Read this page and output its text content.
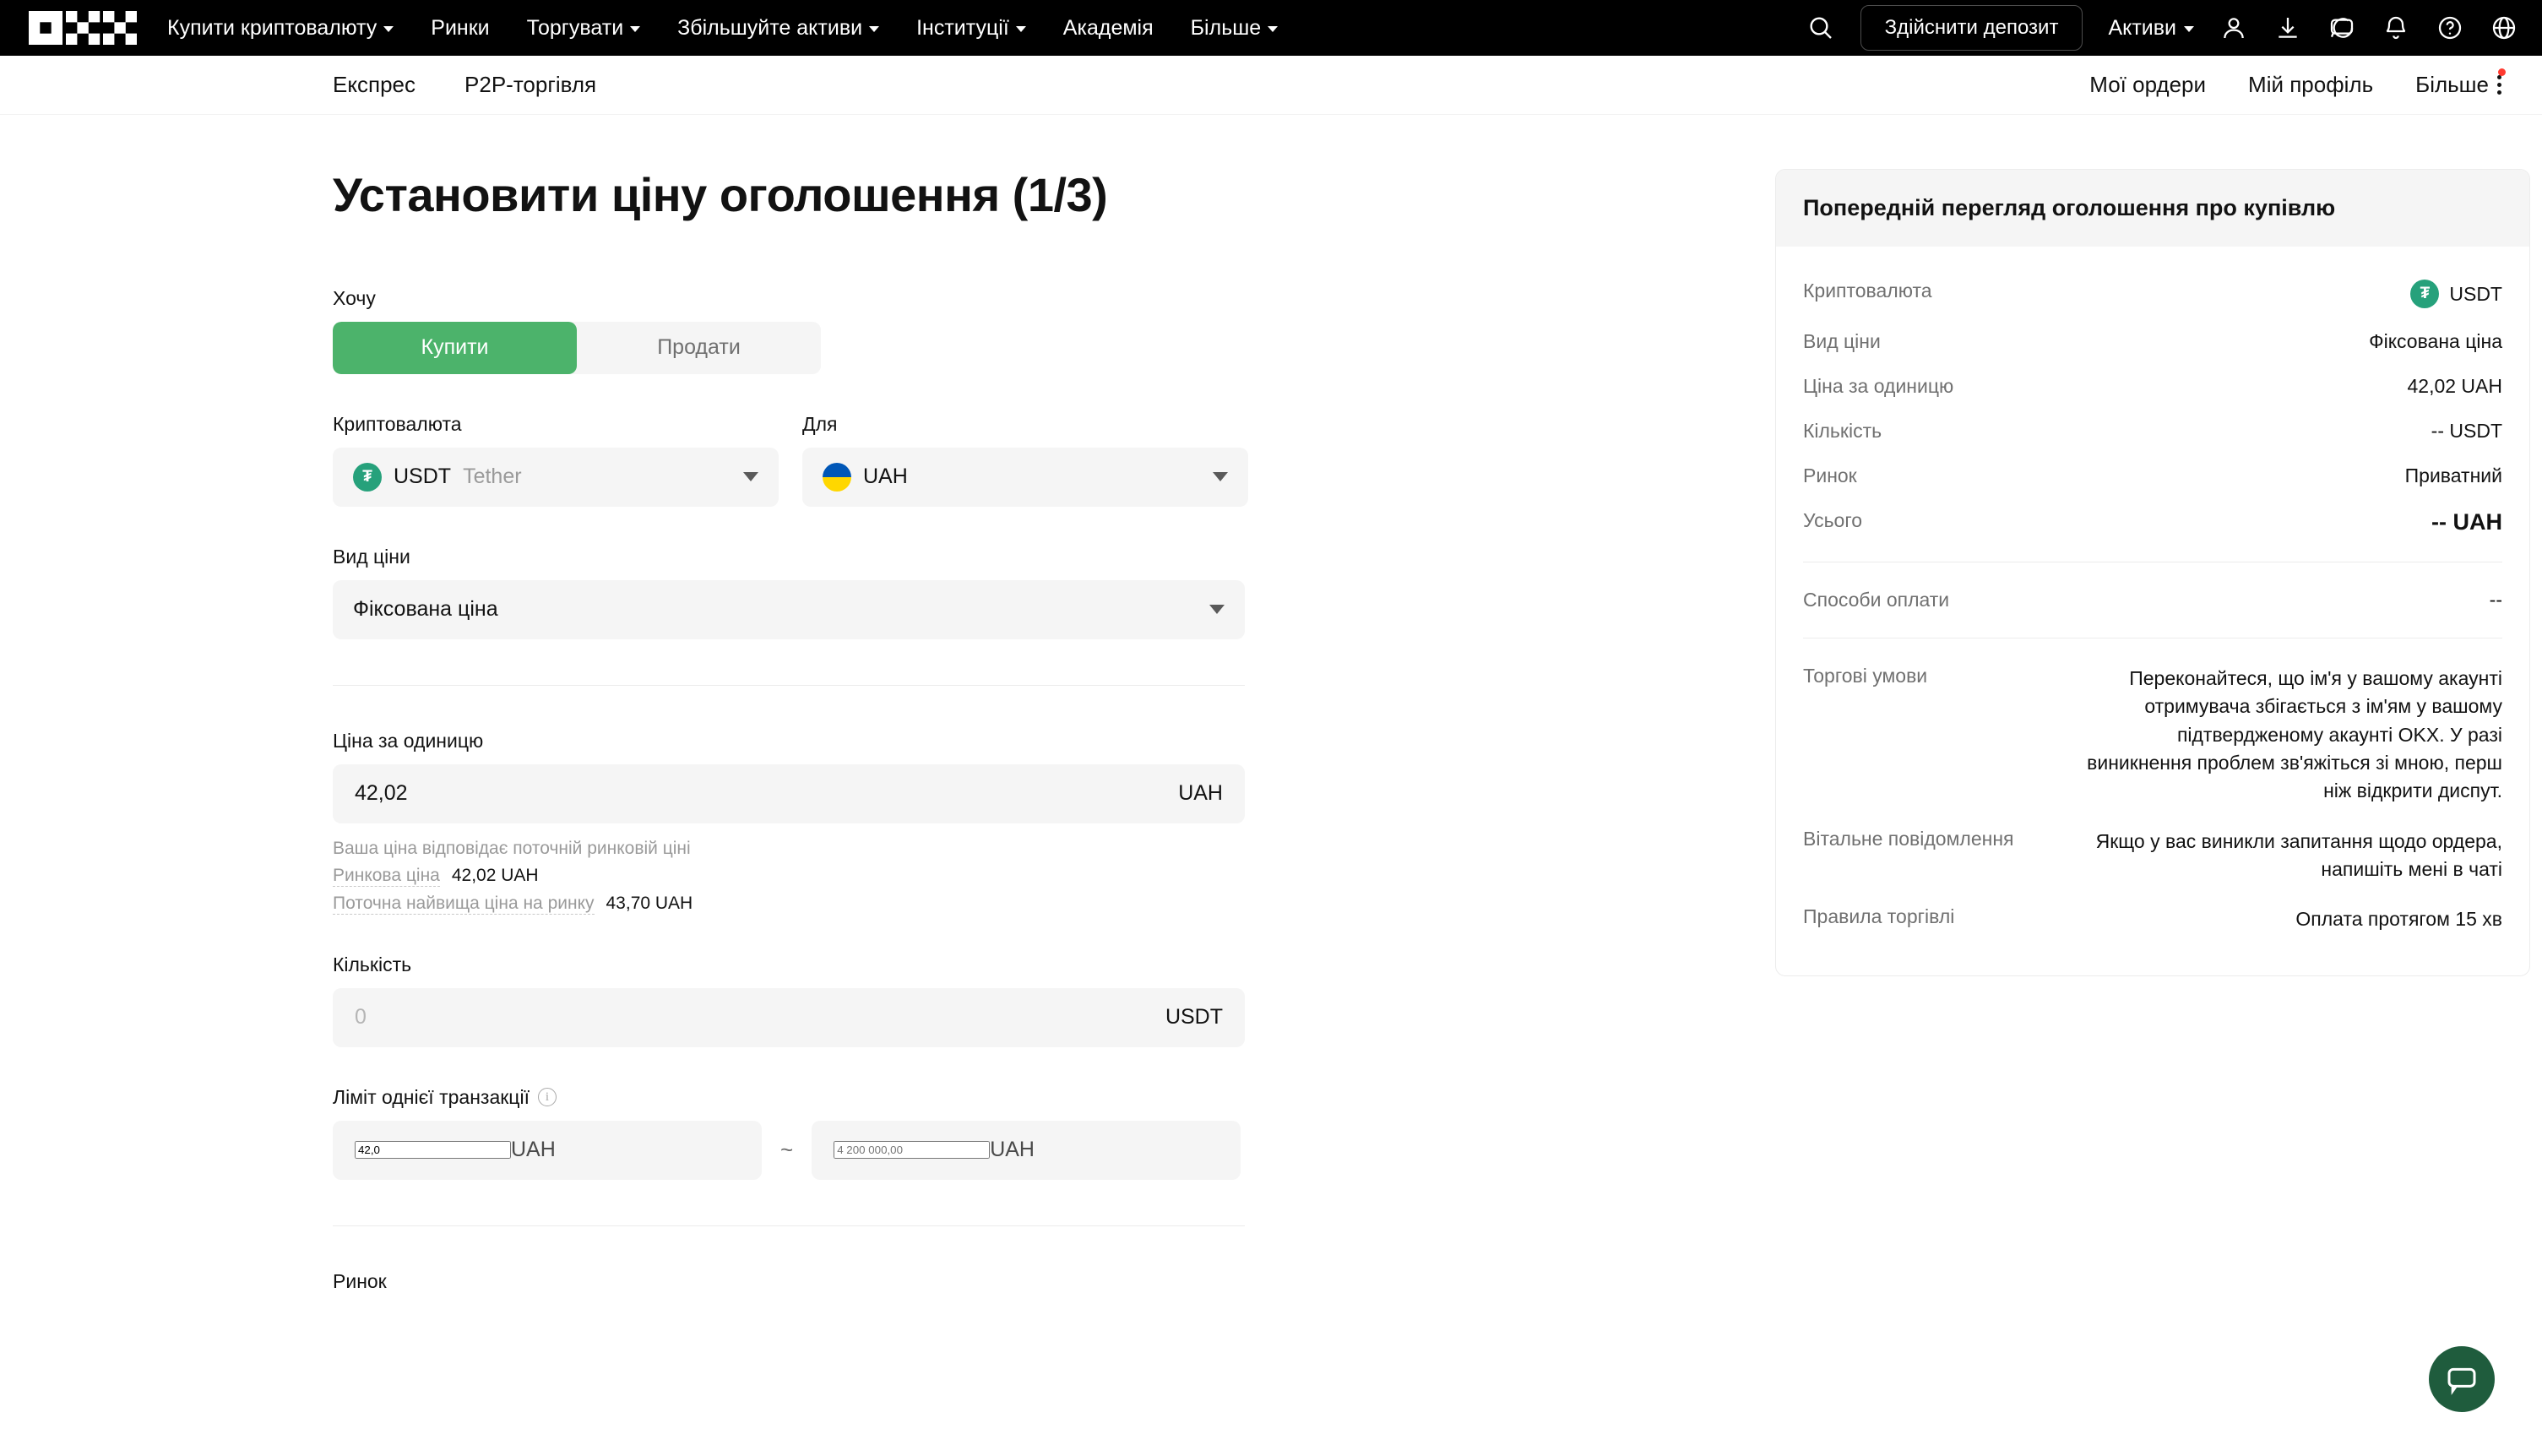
Купити криптовалюту	Ринки Торгувати	Збільшуйте активи	Інституції	Академія Більше	Здійснити депозит	Активи
Експрес P2P-торгівля	Мої ордери Мій профіль Більше
Установити ціну оголошення (1/3)
Хочу
Купити	Продати
Криптовалюта
₮	USDT Tether
Для
UAH
Вид ціни
Фіксована ціна
Ціна за одиницю
42,02
UAH
Ваша ціна відповідає поточній ринковій ціні
Ринкова ціна 42,02 UAH
Поточна найвища ціна на ринку 43,70 UAH
Кількість
0
USDT
Ліміт однієї транзакції	i
42,0
UAH	~
4 200 000,00	UAH
Ринок
Попередній перегляд оголошення про купівлю
Криптовалюта	₮	USDT
Вид ціни	Фіксована ціна
Ціна за одиницю	42,02 UAH
Кількість	-- USDT
Ринок	Приватний
Усього	-- UAH
Способи оплати	--
Торгові умови	Переконайтеся, що ім'я у вашому акаунті отримувача збігається з ім'ям у вашому підтвердженому акаунті OKX. У разі виникнення проблем зв'яжіться зі мною, перш ніж відкрити диспут.
Вітальне повідомлення	Якщо у вас виникли запитання щодо ордера, напишіть мені в чаті
Правила торгівлі	Оплата протягом 15 хв
